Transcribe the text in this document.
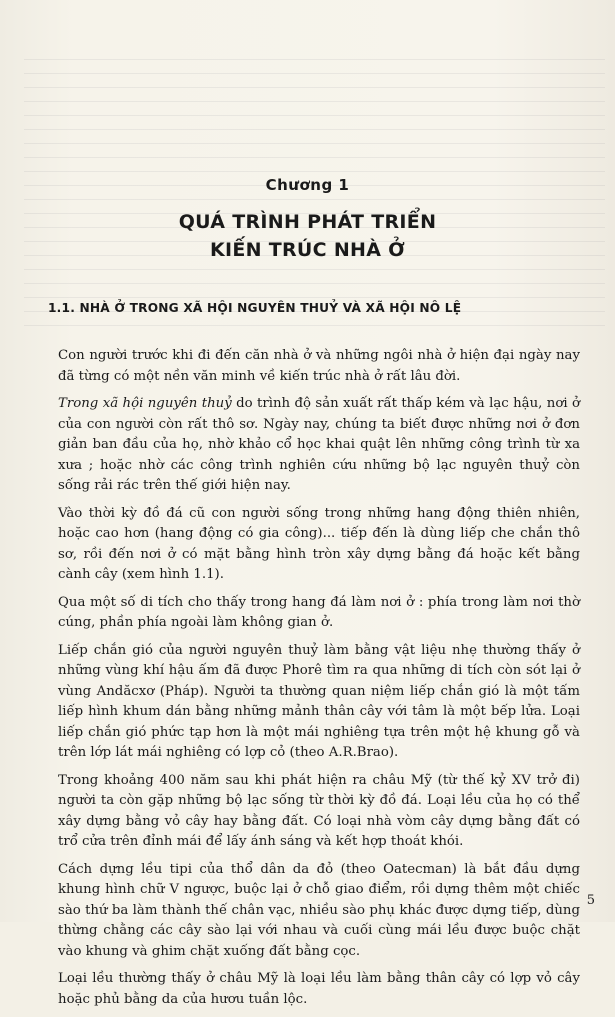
Chương 1
QUÁ TRÌNH PHÁT TRIỂN
KIẾN TRÚC NHÀ Ở
1.1. NHÀ Ở TRONG XÃ HỘI NGUYÊN THUỶ VÀ XÃ HỘI NÔ LỆ

Con người trước khi đi đến căn nhà ở và những ngôi nhà ở hiện đại ngày nay đã từng có một nền văn minh về kiến trúc nhà ở rất lâu đời.

Trong xã hội nguyên thuỷ do trình độ sản xuất rất thấp kém và lạc hậu, nơi ở của con người còn rất thô sơ. Ngày nay, chúng ta biết được những nơi ở đơn giản ban đầu của họ, nhờ khảo cổ học khai quật lên những công trình từ xa xưa ; hoặc nhờ các công trình nghiên cứu những bộ lạc nguyên thuỷ còn sống rải rác trên thế giới hiện nay.

Vào thời kỳ đồ đá cũ con người sống trong những hang động thiên nhiên, hoặc cao hơn (hang động có gia công)... tiếp đến là dùng liếp che chắn thô sơ, rồi đến nơi ở có mặt bằng hình tròn xây dựng bằng đá hoặc kết bằng cành cây (xem hình 1.1).

Qua một số di tích cho thấy trong hang đá làm nơi ở : phía trong làm nơi thờ cúng, phần phía ngoài làm không gian ở.

Liếp chắn gió của người nguyên thuỷ làm bằng vật liệu nhẹ thường thấy ở những vùng khí hậu ấm đã được Phorê tìm ra qua những di tích còn sót lại ở vùng Andăcxơ (Pháp). Người ta thường quan niệm liếp chắn gió là một tấm liếp hình khum dán bằng những mảnh thân cây với tâm là một bếp lửa. Loại liếp chắn gió phức tạp hơn là một mái nghiêng tựa trên một hệ khung gỗ và trên lớp lát mái nghiêng có lợp cỏ (theo A.R.Brao).

Trong khoảng 400 năm sau khi phát hiện ra châu Mỹ (từ thế kỷ XV trở đi) người ta còn gặp những bộ lạc sống từ thời kỳ đồ đá. Loại lều của họ có thể xây dựng bằng vỏ cây hay bằng đất. Có loại nhà vòm cây dựng bằng đất có trổ cửa trên đỉnh mái để lấy ánh sáng và kết hợp thoát khói.

Cách dựng lều tipi của thổ dân da đỏ (theo Oatecman) là bắt đầu dựng khung hình chữ V ngược, buộc lại ở chỗ giao điểm, rồi dựng thêm một chiếc sào thứ ba làm thành thế chân vạc, nhiều sào phụ khác được dựng tiếp, dùng thừng chằng các cây sào lại với nhau và cuối cùng mái lều được buộc chặt vào khung và ghim chặt xuống đất bằng cọc.

Loại lều thường thấy ở châu Mỹ là loại lều làm bằng thân cây có lợp vỏ cây hoặc phủ bằng da của hươu tuần lộc.

5
